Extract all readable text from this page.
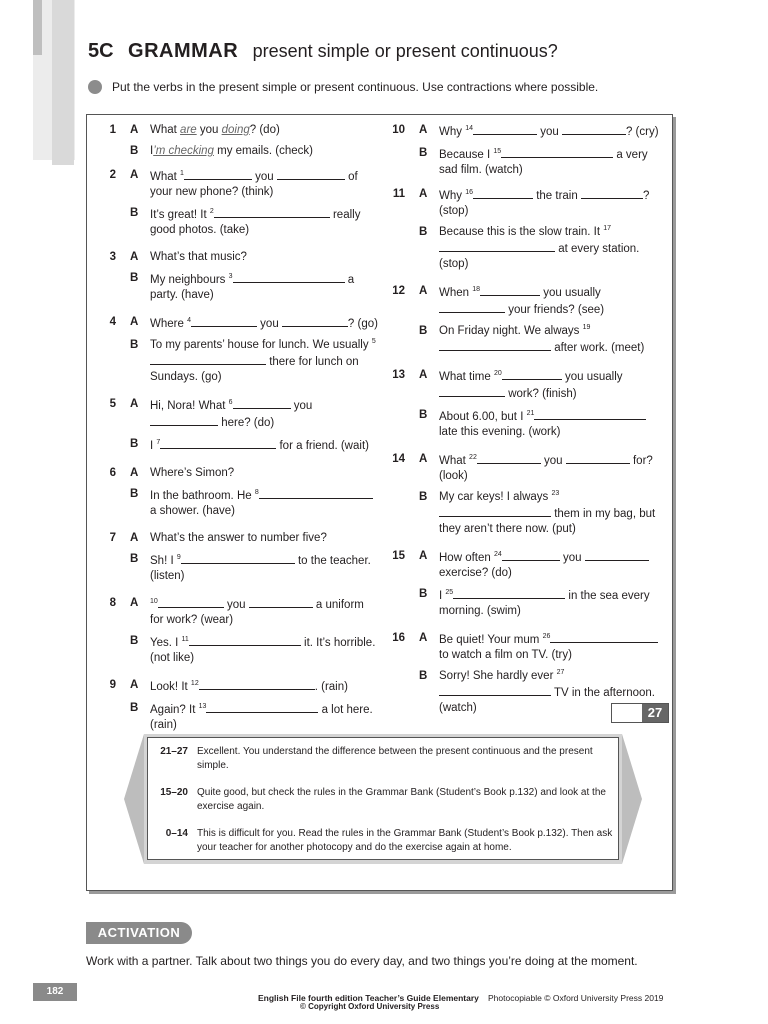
5C GRAMMAR present simple or present continuous?
Put the verbs in the present simple or present continuous. Use contractions where possible.
1 A	What are you doing? (do)
B	I’m checking my emails. (check)
2 A	What $^1$	you	of your new phone? (think)
B	It’s great! It $^2$	really good photos. (take)
3 A	What’s that music?
B	My neighbours $^3$	a party. (have)
4 A	Where $^4$	you	? (go)
B	To my parents’ house for lunch. We usually $^5$ there for lunch on Sundays. (go)
5 A	Hi, Nora! What $^6$	you  here? (do)
B	I $^7$	for a friend. (wait)
6 A	Where’s Simon?
B	In the bathroom. He $^8$ a shower. (have)
7 A	What’s the answer to number five?
B	Sh! I $^9$	to the teacher. (listen)
8 A	$^{10}$	you	a uniform for work? (wear)
B	Yes. I $^{11}$	it. It’s horrible. (not like)
9 A	Look! It $^{12}$	. (rain)
B	Again? It $^{13}$	a lot here. (rain)
10 A	Why $^{14}$	you	? (cry)
B	Because I $^{15}$	a very sad film. (watch)
11 A	Why $^{16}$	the train	? (stop)
B	Because this is the slow train. It $^{17}$ at every station. (stop)
12 A	When $^{18}$	you usually  your friends? (see)
B	On Friday night. We always $^{19}$ after work. (meet)
13 A	What time $^{20}$	you usually  work? (finish)
B	About 6.00, but I $^{21}$ late this evening. (work)
14 A	What $^{22}$	you	for? (look)
B	My car keys! I always $^{23}$ them in my bag, but they aren’t there now. (put)
15 A	How often $^{24}$	you  exercise? (do)
B	I $^{25}$	in the sea every morning. (swim)
16 A	Be quiet! Your mum $^{26}$ to watch a film on TV. (try)
B	Sorry! She hardly ever $^{27}$ TV in the afternoon. (watch)	27
21–27 Excellent. You understand the difference between the present continuous and the present simple.
15–20 Quite good, but check the rules in the Grammar Bank (Student’s Book p.132) and look at the exercise again.
0–14 This is difficult for you. Read the rules in the Grammar Bank (Student’s Book p.132). Then ask your teacher for another photocopy and do the exercise again at home.
ACTIVATION
Work with a partner. Talk about two things you do every day, and two things you’re doing at the moment.
182
English File fourth edition Teacher’s Guide Elementary
© Copyright Oxford University Press
Photocopiable © Oxford University Press 2019
